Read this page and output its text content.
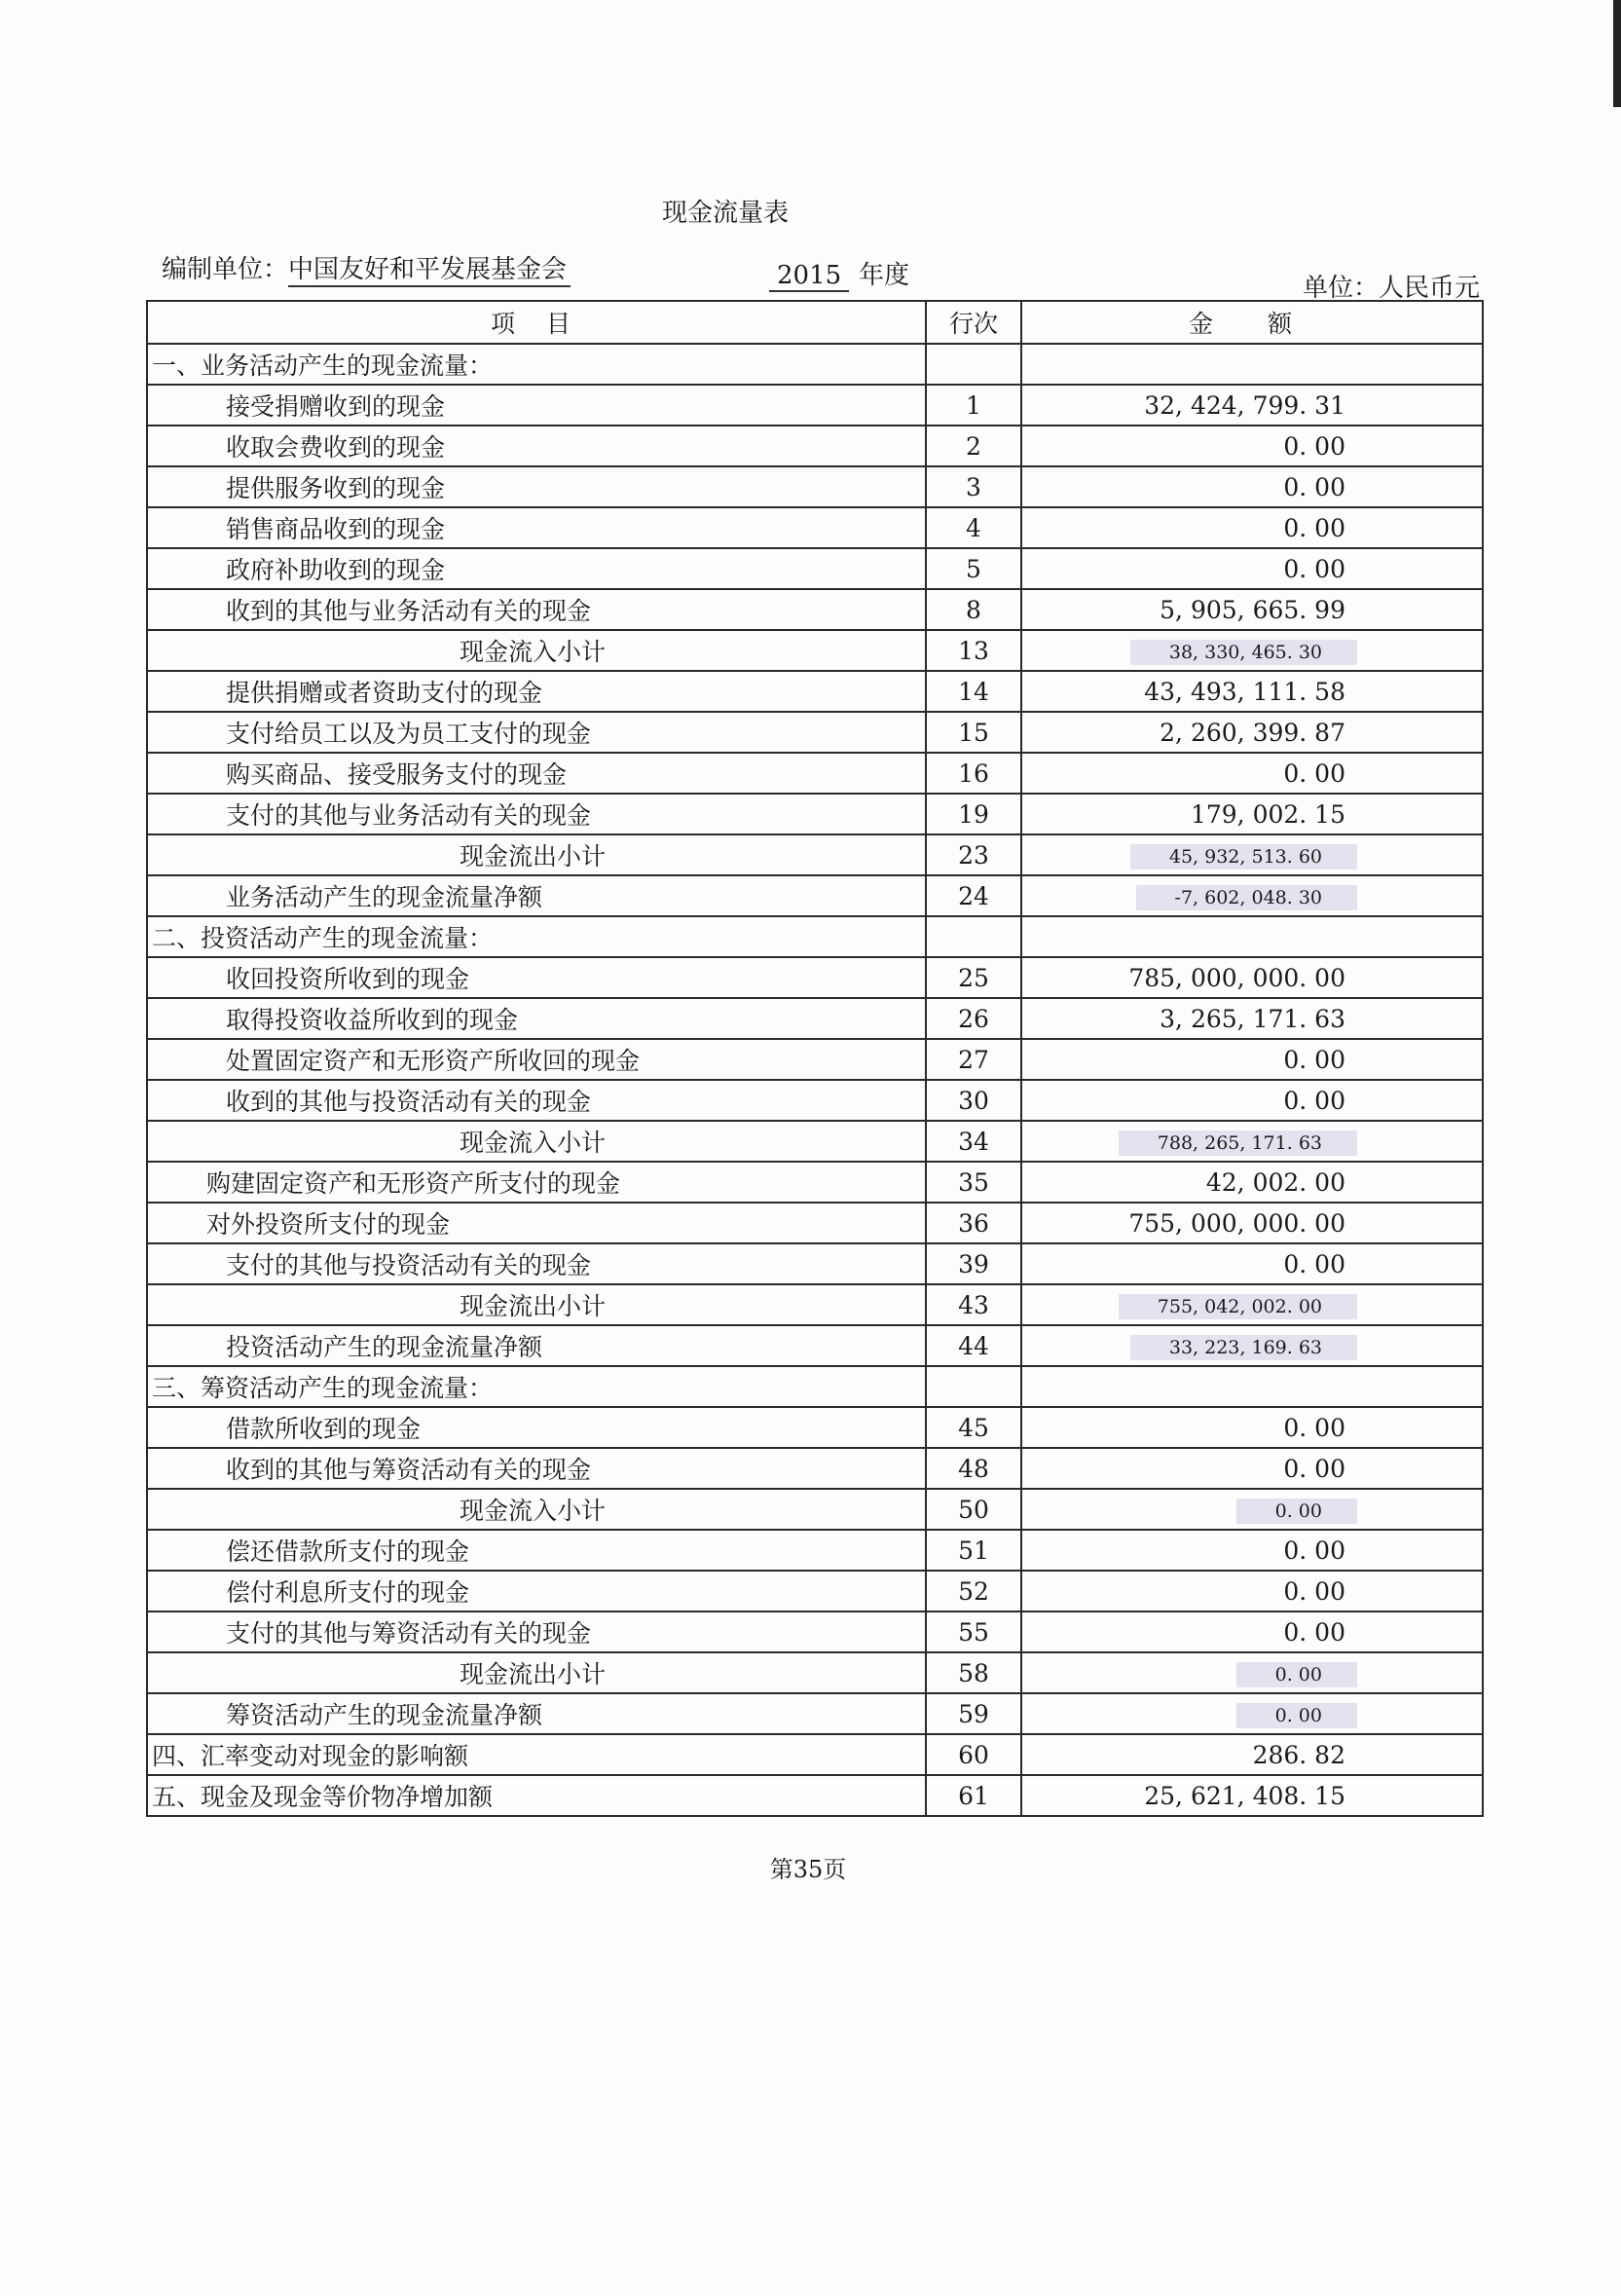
现金流量表
编制单位：中国友好和平发展基金会	2015 年度	单位：人民币元
项 目	行次	金 额
一、业务活动产生的现金流量：		
接受捐赠收到的现金	1	32, 424, 799. 31
收取会费收到的现金	2	0. 00
提供服务收到的现金	3	0. 00
销售商品收到的现金	4	0. 00
政府补助收到的现金	5	0. 00
收到的其他与业务活动有关的现金	8	5, 905, 665. 99
现金流入小计	13	38, 330, 465. 30
提供捐赠或者资助支付的现金	14	43, 493, 111. 58
支付给员工以及为员工支付的现金	15	2, 260, 399. 87
购买商品、接受服务支付的现金	16	0. 00
支付的其他与业务活动有关的现金	19	179, 002. 15
现金流出小计	23	45, 932, 513. 60
业务活动产生的现金流量净额	24	-7, 602, 048. 30
二、投资活动产生的现金流量：		
收回投资所收到的现金	25	785, 000, 000. 00
取得投资收益所收到的现金	26	3, 265, 171. 63
处置固定资产和无形资产所收回的现金	27	0. 00
收到的其他与投资活动有关的现金	30	0. 00
现金流入小计	34	788, 265, 171. 63
购建固定资产和无形资产所支付的现金	35	42, 002. 00
对外投资所支付的现金	36	755, 000, 000. 00
支付的其他与投资活动有关的现金	39	0. 00
现金流出小计	43	755, 042, 002. 00
投资活动产生的现金流量净额	44	33, 223, 169. 63
三、筹资活动产生的现金流量：		
借款所收到的现金	45	0. 00
收到的其他与筹资活动有关的现金	48	0. 00
现金流入小计	50	0. 00
偿还借款所支付的现金	51	0. 00
偿付利息所支付的现金	52	0. 00
支付的其他与筹资活动有关的现金	55	0. 00
现金流出小计	58	0. 00
筹资活动产生的现金流量净额	59	0. 00
四、汇率变动对现金的影响额	60	286. 82
五、现金及现金等价物净增加额	61	25, 621, 408. 15
第35页
